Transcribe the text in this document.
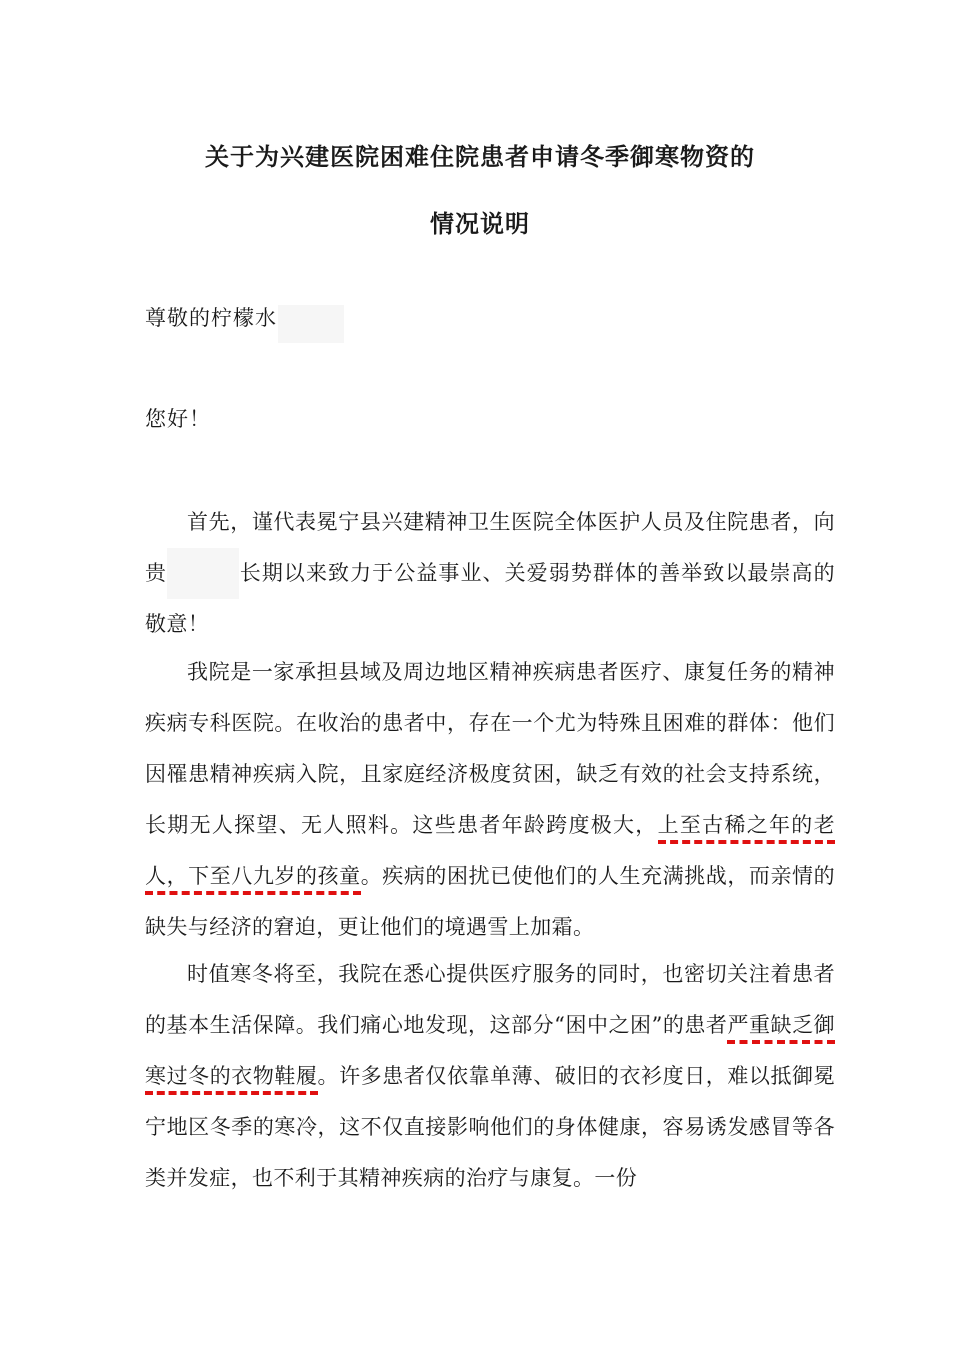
关于为兴建医院困难住院患者申请冬季御寒物资的
情况说明
尊敬的柠檬水
您好！
首先，谨代表冕宁县兴建精神卫生医院全体医护人员及住院患者，向贵	长期以来致力于公益事业、关爱弱势群体的善举致以最崇高的敬意！
我院是一家承担县域及周边地区精神疾病患者医疗、康复任务的精神疾病专科医院。在收治的患者中，存在一个尤为特殊且困难的群体：他们因罹患精神疾病入院，且家庭经济极度贫困，缺乏有效的社会支持系统，长期无人探望、无人照料。这些患者年龄跨度极大，上至古稀之年的老人，下至八九岁的孩童。疾病的困扰已使他们的人生充满挑战，而亲情的缺失与经济的窘迫，更让他们的境遇雪上加霜。
时值寒冬将至，我院在悉心提供医疗服务的同时，也密切关注着患者的基本生活保障。我们痛心地发现，这部分“困中之困”的患者严重缺乏御寒过冬的衣物鞋履。许多患者仅依靠单薄、破旧的衣衫度日，难以抵御冕宁地区冬季的寒冷，这不仅直接影响他们的身体健康，容易诱发感冒等各类并发症，也不利于其精神疾病的治疗与康复。一份
